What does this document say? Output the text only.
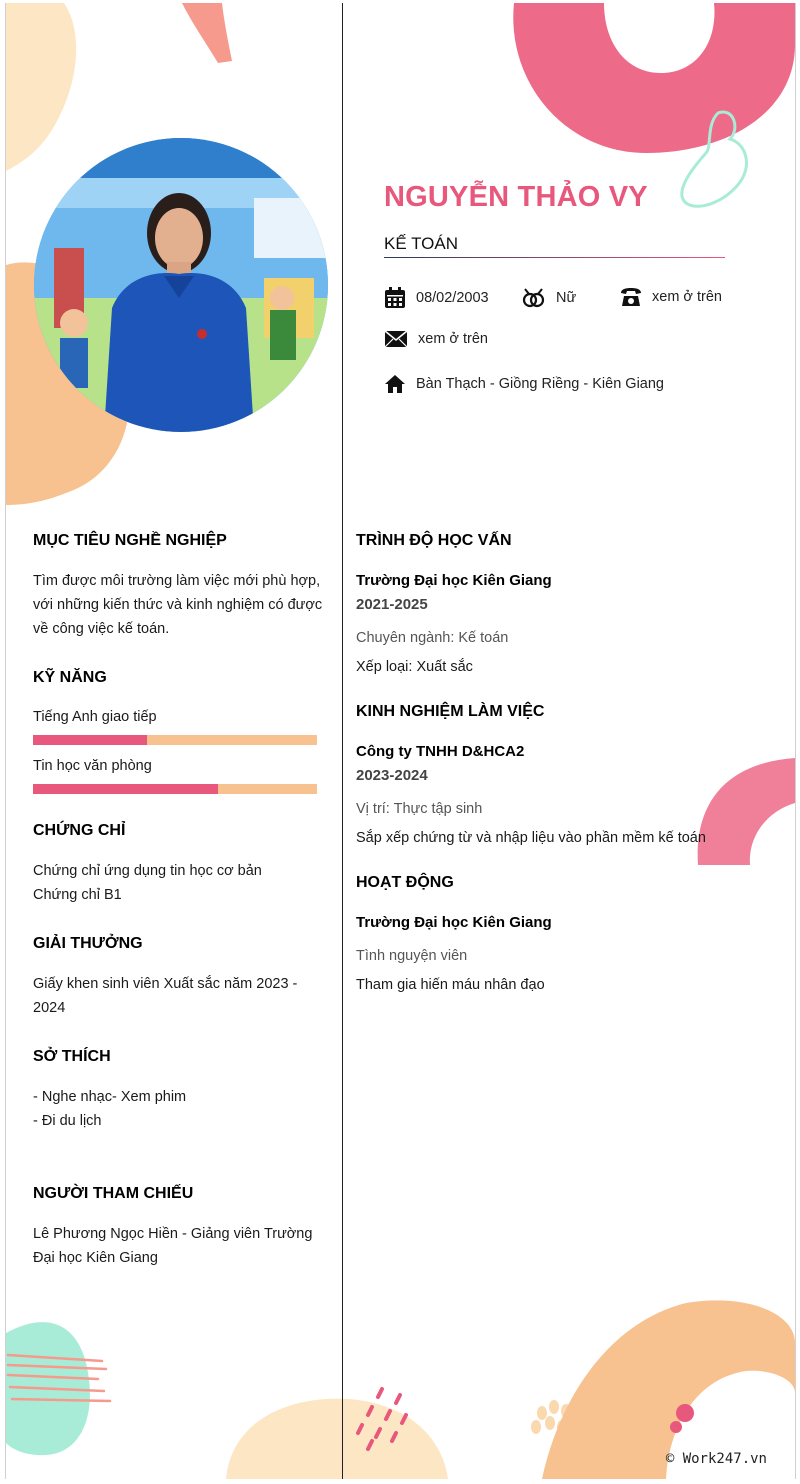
NGUYỄN THẢO VY
KẾ TOÁN
08/02/2003	Nữ	xem ở trên
xem ở trên
Bàn Thạch - Giồng Riềng - Kiên Giang
MỤC TIÊU NGHỀ NGHIỆP
Tìm được môi trường làm việc mới phù hợp,
với những kiến thức và kinh nghiệm có được
về công việc kế toán.
KỸ NĂNG
Tiếng Anh giao tiếp
Tin học văn phòng
CHỨNG CHỈ
Chứng chỉ ứng dụng tin học cơ bản
Chứng chỉ B1
GIẢI THƯỞNG
Giấy khen sinh viên Xuất sắc năm 2023 -
2024
SỞ THÍCH
- Nghe nhạc- Xem phim
- Đi du lịch
NGƯỜI THAM CHIẾU
Lê Phương Ngọc Hiền - Giảng viên Trường
Đại học Kiên Giang
TRÌNH ĐỘ HỌC VẤN
Trường Đại học Kiên Giang
2021-2025
Chuyên ngành: Kế toán
Xếp loại: Xuất sắc
KINH NGHIỆM LÀM VIỆC
Công ty TNHH D&HCA2
2023-2024
Vị trí: Thực tập sinh
Sắp xếp chứng từ và nhập liệu vào phần mềm kế toán
HOẠT ĐỘNG
Trường Đại học Kiên Giang
Tình nguyện viên
Tham gia hiến máu nhân đạo
© Work247.vn
